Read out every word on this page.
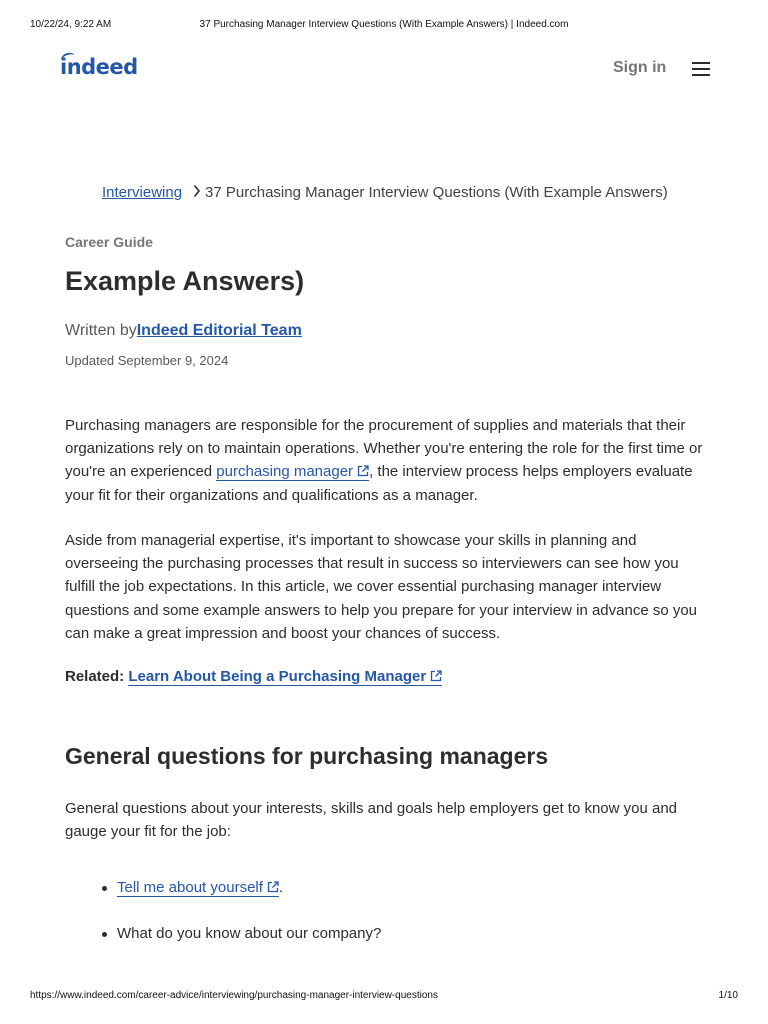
10/22/24, 9:22 AM	37 Purchasing Manager Interview Questions (With Example Answers) | Indeed.com
indeed	Sign in
Interviewing 37 Purchasing Manager Interview Questions (With Example Answers)
Career Guide
Example Answers)
Written byIndeed Editorial Team
Updated September 9, 2024

Purchasing managers are responsible for the procurement of supplies and materials that their organizations rely on to maintain operations. Whether you're entering the role for the first time or you're an experienced purchasing manager , the interview process helps employers evaluate your fit for their organizations and qualifications as a manager.

Aside from managerial expertise, it's important to showcase your skills in planning and overseeing the purchasing processes that result in success so interviewers can see how you fulfill the job expectations. In this article, we cover essential purchasing manager interview questions and some example answers to help you prepare for your interview in advance so you can make a great impression and boost your chances of success.

Related: Learn About Being a Purchasing Manager
General questions for purchasing managers

General questions about your interests, skills and goals help employers get to know you and gauge your fit for the job:

Tell me about yourself .
What do you know about our company?
https://www.indeed.com/career-advice/interviewing/purchasing-manager-interview-questions	1/10
